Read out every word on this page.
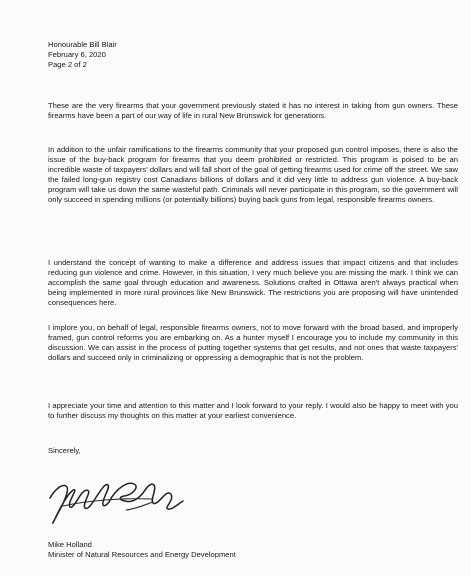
Honourable Bill Blair
February 6, 2020
Page 2 of 2

These are the very firearms that your government previously stated it has no interest in taking from gun owners. These firearms have been a part of our way of life in rural New Brunswick for generations.

In addition to the unfair ramifications to the firearms community that your proposed gun control imposes, there is also the issue of the buy-back program for firearms that you deem prohibited or restricted. This program is poised to be an incredible waste of taxpayers' dollars and will fall short of the goal of getting firearms used for crime off the street. We saw the failed long-gun registry cost Canadians billions of dollars and it did very little to address gun violence. A buy-back program will take us down the same wasteful path. Criminals will never participate in this program, so the government will only succeed in spending millions (or potentially billions) buying back guns from legal, responsible firearms owners.

I understand the concept of wanting to make a difference and address issues that impact citizens and that includes reducing gun violence and crime. However, in this situation, I very much believe you are missing the mark. I think we can accomplish the same goal through education and awareness. Solutions crafted in Ottawa aren't always practical when being implemented in more rural provinces like New Brunswick. The restrictions you are proposing will have unintended consequences here.

I implore you, on behalf of legal, responsible firearms owners, not to move forward with the broad based, and improperly framed, gun control reforms you are embarking on. As a hunter myself I encourage you to include my community in this discussion. We can assist in the process of putting together systems that get results, and not ones that waste taxpayers' dollars and succeed only in criminalizing or oppressing a demographic that is not the problem.

I appreciate your time and attention to this matter and I look forward to your reply. I would also be happy to meet with you to further discuss my thoughts on this matter at your earliest convenience.

Sincerely,
Mike Holland
Minister of Natural Resources and Energy Development
